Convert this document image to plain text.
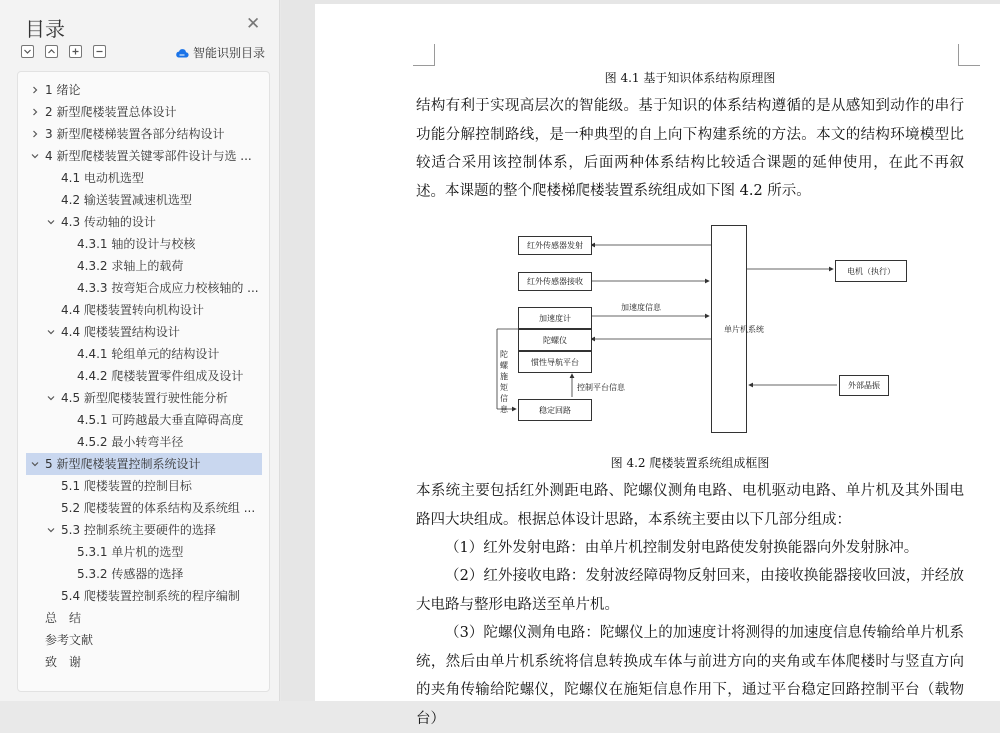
目录	✕
智能识别目录
1 绪论
2 新型爬楼装置总体设计
3 新型爬楼梯装置各部分结构设计
4 新型爬楼装置关键零部件设计与选 ...
4.1 电动机选型
4.2 输送装置减速机选型
4.3 传动轴的设计
4.3.1 轴的设计与校核
4.3.2 求轴上的载荷
4.3.3 按弯矩合成应力校核轴的 ...
4.4 爬楼装置转向机构设计
4.4 爬楼装置结构设计
4.4.1 轮组单元的结构设计
4.4.2 爬楼装置零件组成及设计
4.5 新型爬楼装置行驶性能分析
4.5.1 可跨越最大垂直障碍高度
4.5.2 最小转弯半径
5 新型爬楼装置控制系统设计
5.1 爬楼装置的控制目标
5.2 爬楼装置的体系结构及系统组 ...
5.3 控制系统主要硬件的选择
5.3.1 单片机的选型
5.3.2 传感器的选择
5.4 爬楼装置控制系统的程序编制
总　结
参考文献
致　谢
图 4.1 基于知识体系结构原理图
结构有利于实现高层次的智能级。基于知识的体系结构遵循的是从感知到动作的串行功能分解控制路线，是一种典型的自上向下构建系统的方法。本文的结构环境模型比较适合采用该控制体系，后面两种体系结构比较适合课题的延伸使用，在此不再叙述。 本课题的整个爬楼梯爬楼装置系统组成如下图 4.2 所示。
红外传感器发射
红外传感器接收
加速度计
陀螺仪
惯性导航平台
稳定回路
单片机系统
电机（执行）
外部晶振
加速度信息
控制平台信息
陀螺施矩信息
图 4.2 爬楼装置系统组成框图
本系统主要包括红外测距电路、陀螺仪测角电路、电机驱动电路、单片机及其外围电路四大块组成。根据总体设计思路，本系统主要由以下几部分组成：
（1）红外发射电路：由单片机控制发射电路使发射换能器向外发射脉冲。
（2）红外接收电路：发射波经障碍物反射回来，由接收换能器接收回波，并经放大电路与整形电路送至单片机。
（3）陀螺仪测角电路：陀螺仪上的加速度计将测得的加速度信息传输给单片机系统，然后由单片机系统将信息转换成车体与前进方向的夹角或车体爬楼时与竖直方向的夹角传输给陀螺仪，陀螺仪在施矩信息作用下，通过平台稳定回路控制平台（载物台）
